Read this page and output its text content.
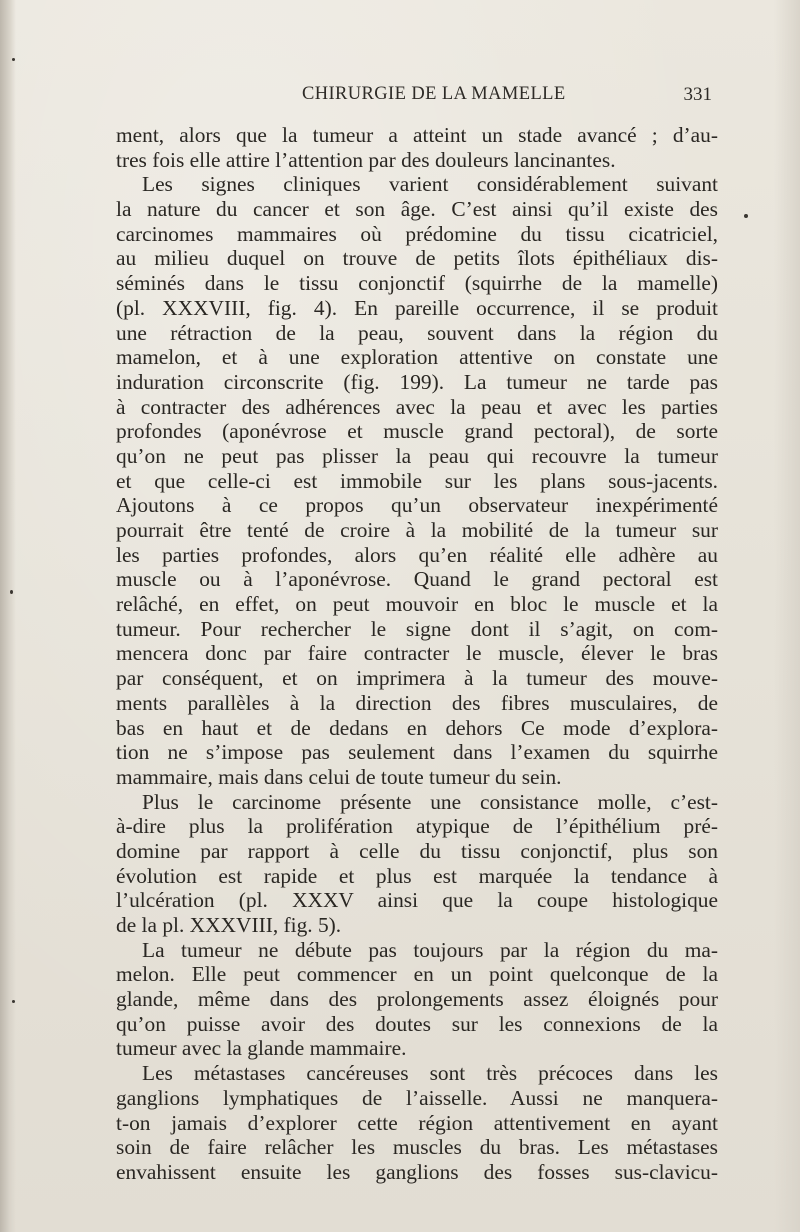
CHIRURGIE DE LA MAMELLE	331
ment, alors que la tumeur a atteint un stade avancé ; d’au-
tres fois elle attire l’attention par des douleurs lancinantes.
Les signes cliniques varient considérablement suivant
la nature du cancer et son âge. C’est ainsi qu’il existe des
carcinomes mammaires où prédomine du tissu cicatriciel,
au milieu duquel on trouve de petits îlots épithéliaux dis-
séminés dans le tissu conjonctif (squirrhe de la mamelle)
(pl. XXXVIII, fig. 4). En pareille occurrence, il se produit
une rétraction de la peau, souvent dans la région du
mamelon, et à une exploration attentive on constate une
induration circonscrite (fig. 199). La tumeur ne tarde pas
à contracter des adhérences avec la peau et avec les parties
profondes (aponévrose et muscle grand pectoral), de sorte
qu’on ne peut pas plisser la peau qui recouvre la tumeur
et que celle-ci est immobile sur les plans sous-jacents.
Ajoutons à ce propos qu’un observateur inexpérimenté
pourrait être tenté de croire à la mobilité de la tumeur sur
les parties profondes, alors qu’en réalité elle adhère au
muscle ou à l’aponévrose. Quand le grand pectoral est
relâché, en effet, on peut mouvoir en bloc le muscle et la
tumeur. Pour rechercher le signe dont il s’agit, on com-
mencera donc par faire contracter le muscle, élever le bras
par conséquent, et on imprimera à la tumeur des mouve-
ments parallèles à la direction des fibres musculaires, de
bas en haut et de dedans en dehors Ce mode d’explora-
tion ne s’impose pas seulement dans l’examen du squirrhe
mammaire, mais dans celui de toute tumeur du sein.
Plus le carcinome présente une consistance molle, c’est-
à-dire plus la prolifération atypique de l’épithélium pré-
domine par rapport à celle du tissu conjonctif, plus son
évolution est rapide et plus est marquée la tendance à
l’ulcération (pl. XXXV ainsi que la coupe histologique
de la pl. XXXVIII, fig. 5).
La tumeur ne débute pas toujours par la région du ma-
melon. Elle peut commencer en un point quelconque de la
glande, même dans des prolongements assez éloignés pour
qu’on puisse avoir des doutes sur les connexions de la
tumeur avec la glande mammaire.
Les métastases cancéreuses sont très précoces dans les
ganglions lymphatiques de l’aisselle. Aussi ne manquera-
t-on jamais d’explorer cette région attentivement en ayant
soin de faire relâcher les muscles du bras. Les métastases
envahissent ensuite les ganglions des fosses sus-clavicu-
